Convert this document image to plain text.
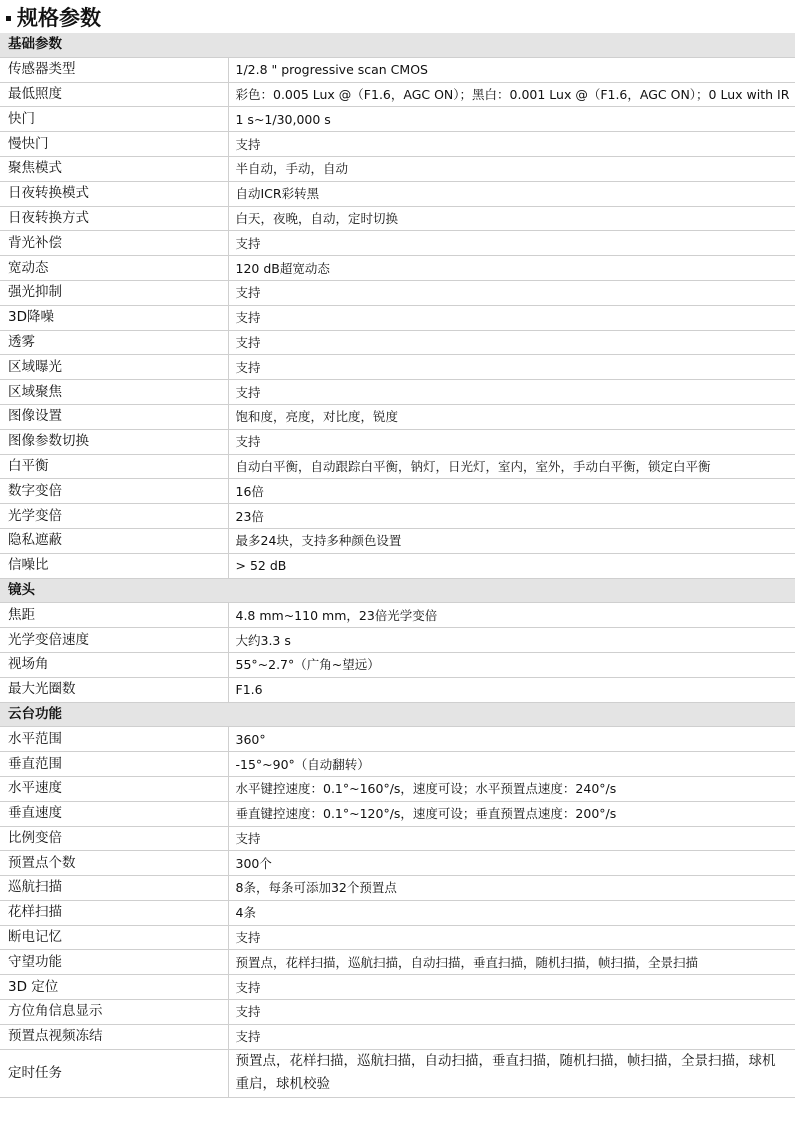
规格参数
基础参数	
传感器类型	1/2.8 " progressive scan CMOS
最低照度	彩色：0.005 Lux @（F1.6，AGC ON）；黑白：0.001 Lux @（F1.6，AGC ON）；0 Lux with IR
快门	1 s~1/30,000 s
慢快门	支持
聚焦模式	半自动，手动，自动
日夜转换模式	自动ICR彩转黑
日夜转换方式	白天，夜晚，自动，定时切换
背光补偿	支持
宽动态	120 dB超宽动态
强光抑制	支持
3D降噪	支持
透雾	支持
区域曝光	支持
区域聚焦	支持
图像设置	饱和度，亮度，对比度，锐度
图像参数切换	支持
白平衡	自动白平衡，自动跟踪白平衡，钠灯，日光灯，室内，室外，手动白平衡，锁定白平衡
数字变倍	16倍
光学变倍	23倍
隐私遮蔽	最多24块，支持多种颜色设置
信噪比	> 52 dB
镜头	
焦距	4.8 mm~110 mm，23倍光学变倍
光学变倍速度	大约3.3 s
视场角	55°~2.7°（广角~望远）
最大光圈数	F1.6
云台功能	
水平范围	360°
垂直范围	-15°~90°（自动翻转）
水平速度	水平键控速度：0.1°~160°/s，速度可设；水平预置点速度：240°/s
垂直速度	垂直键控速度：0.1°~120°/s，速度可设；垂直预置点速度：200°/s
比例变倍	支持
预置点个数	300个
巡航扫描	8条，每条可添加32个预置点
花样扫描	4条
断电记忆	支持
守望功能	预置点，花样扫描，巡航扫描，自动扫描，垂直扫描，随机扫描，帧扫描，全景扫描
3D 定位	支持
方位角信息显示	支持
预置点视频冻结	支持
定时任务	预置点，花样扫描，巡航扫描，自动扫描，垂直扫描，随机扫描，帧扫描，全景扫描，球机重启，球机校验
